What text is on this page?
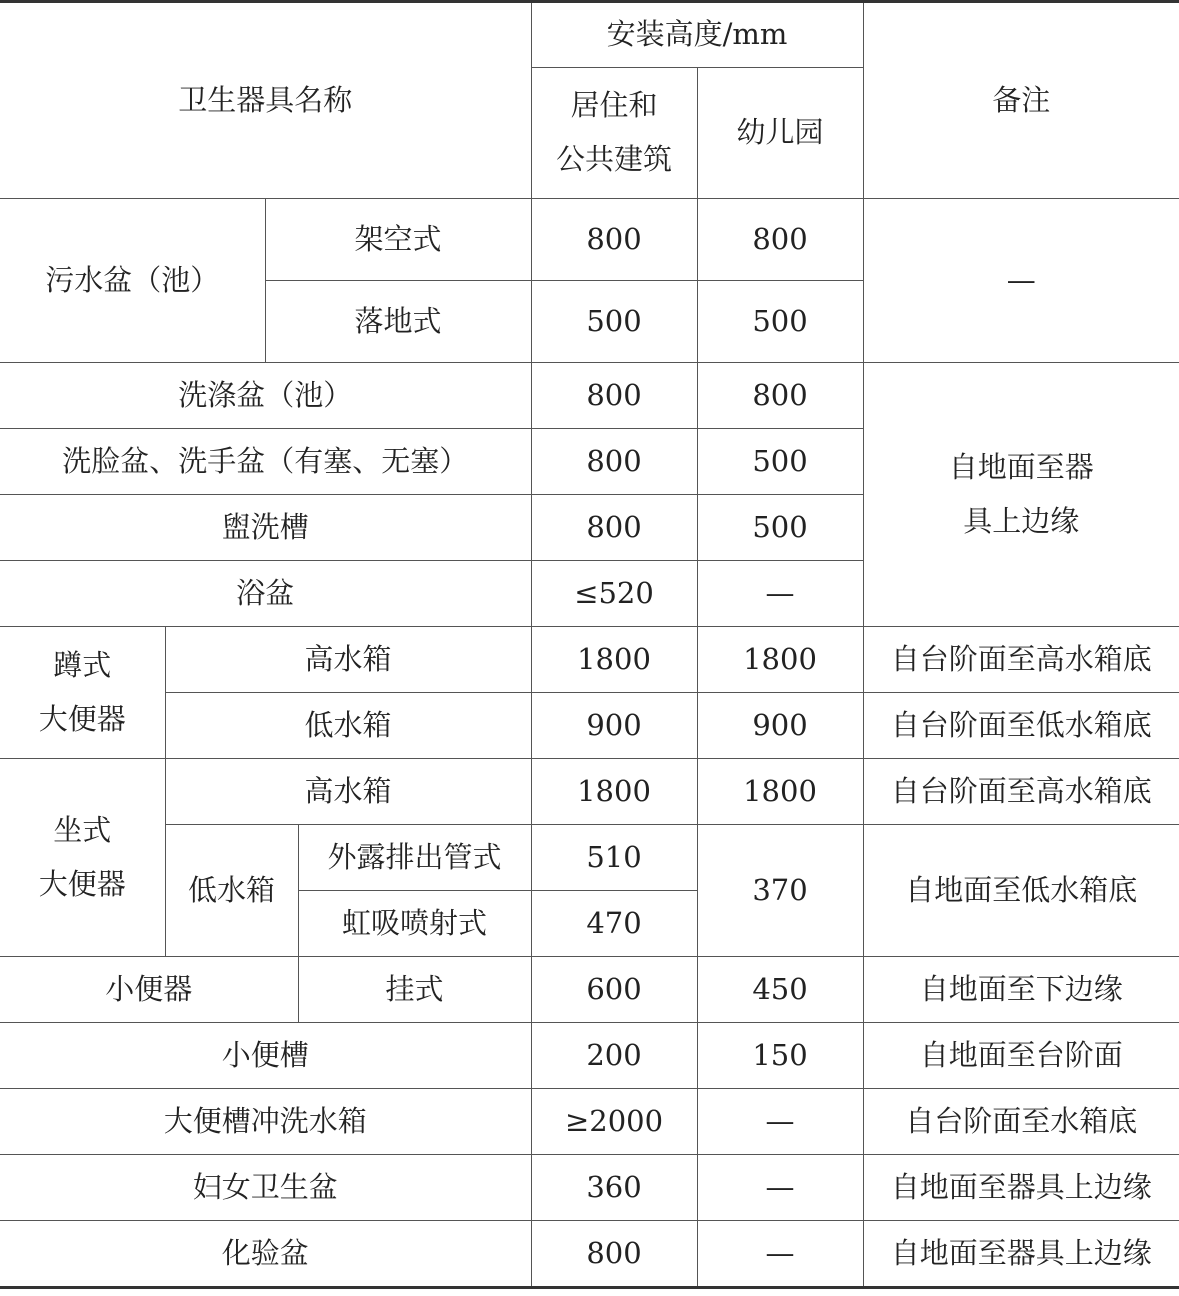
卫生器具名称				安装高度/mm		备注
				居住和
公共建筑	幼儿园	
污水盆（池）		架空式		800	800	—
		落地式		500	500	
洗涤盆（池）				800	800	自地面至器
具上边缘
洗脸盆、洗手盆（有塞、无塞）				800	500	
盥洗槽				800	500	
浴盆				≤520	—	
蹲式
大便器	高水箱			1800	1800	自台阶面至高水箱底
	低水箱			900	900	自台阶面至低水箱底
坐式
大便器	高水箱			1800	1800	自台阶面至高水箱底
	低水箱		外露排出管式	510	370	自地面至低水箱底
			虹吸喷射式	470		
小便器			挂式	600	450	自地面至下边缘
小便槽				200	150	自地面至台阶面
大便槽冲洗水箱				≥2000	—	自台阶面至水箱底
妇女卫生盆				360	—	自地面至器具上边缘
化验盆				800	—	自地面至器具上边缘
